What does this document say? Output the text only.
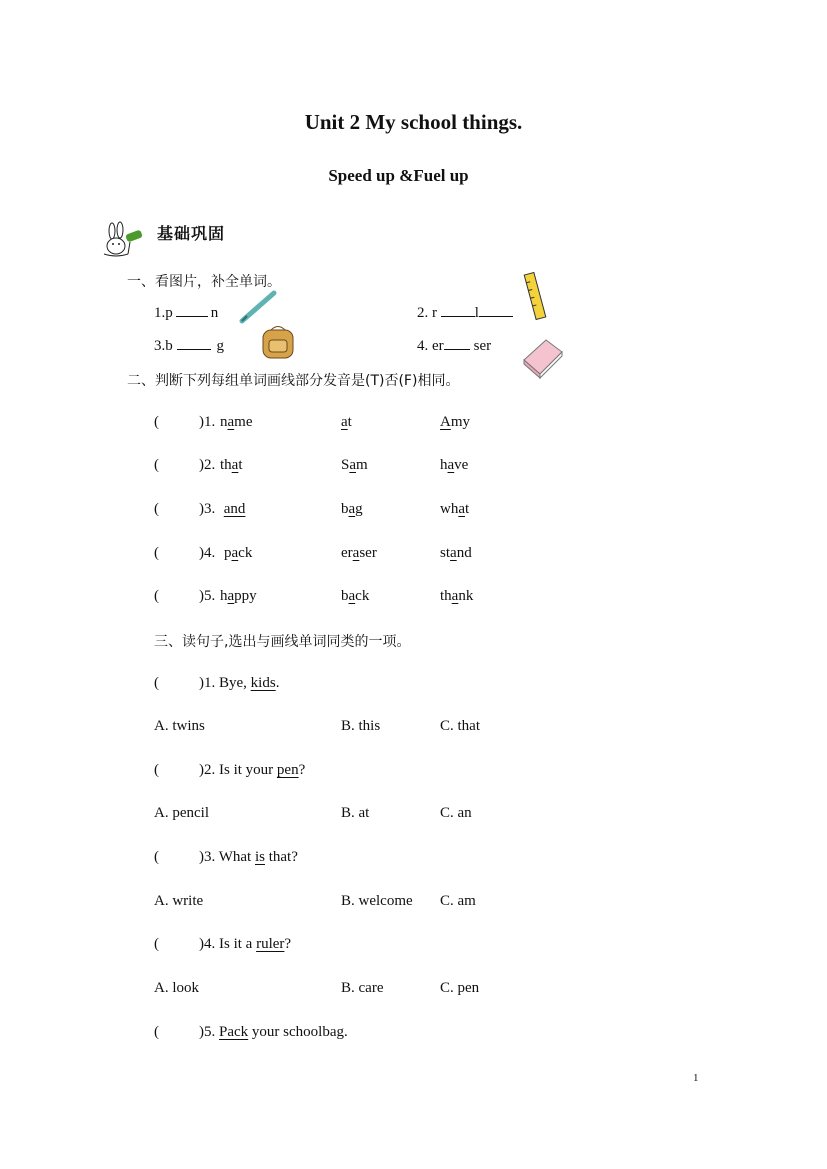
Unit 2 My school things.
Speed up &Fuel up
基础巩固
一、看图片，补全单词。
1.p	n	2. r	l
3.b	g	4. er ser
二、判断下列每组单词画线部分发音是(T)否(F)相同。
(	)1. name	at	Amy
(	)2. that	Sam	have
(	)3. and	bag	what
(	)4. pack	eraser	stand
(	)5. happy	back	thank
三、读句子,选出与画线单词同类的一项。
(	)1. Bye, kids.
A. twins	B. this	C. that
(	)2. Is it your pen?
A. pencil	B. at	C. an
(	)3. What is that?
A. write	B. welcome C. am
(	)4. Is it a ruler?
A. look	B. care	C. pen
(	)5. Pack your schoolbag.
1
